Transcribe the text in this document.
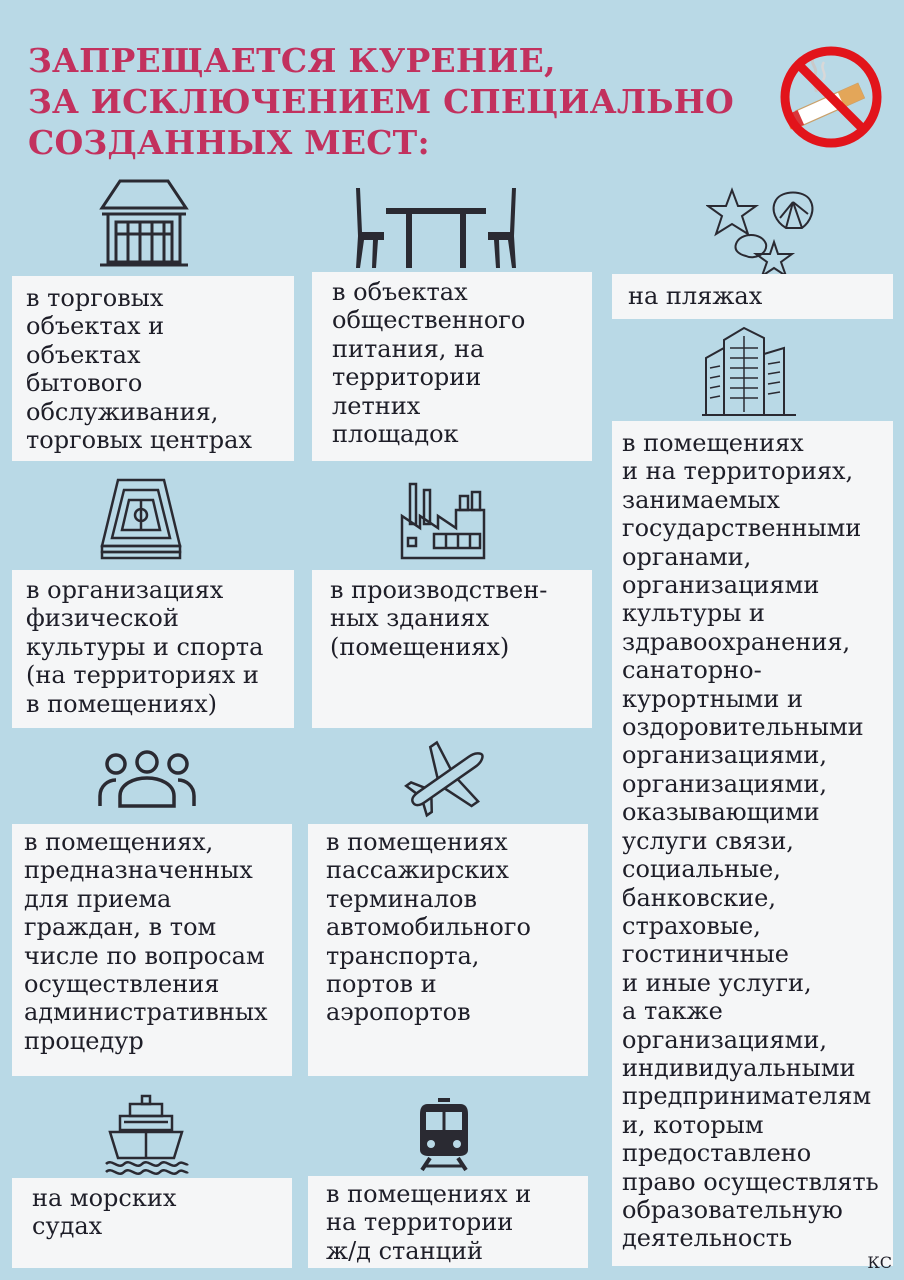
ЗАПРЕЩАЕТСЯ КУРЕНИЕ,
ЗА ИСКЛЮЧЕНИЕМ СПЕЦИАЛЬНО
СОЗДАННЫХ МЕСТ:
в торговых
объектах и
объектах
бытового
обслуживания,
торговых центрах
в объектах
общественного
питания, на
территории
летних
площадок
на пляжах
в помещениях
и на территориях,
занимаемых
государственными
органами,
организациями
культуры и
здравоохранения,
санаторно-
курортными и
оздоровительными
организациями,
организациями,
оказывающими
услуги связи,
социальные,
банковские,
страховые,
гостиничные
и иные услуги,
а также
организациями,
индивидуальными
предпринимателям
и, которым
предоставлено
право осуществлять
образовательную
деятельность
в организациях
физической
культуры и спорта
(на территориях и
в помещениях)
в производствен-
ных зданиях
(помещениях)
в помещениях,
предназначенных
для приема
граждан, в том
числе по вопросам
осуществления
административных
процедур
в помещениях
пассажирских
терминалов
автомобильного
транспорта,
портов и
аэропортов
на морских
судах
в помещениях и
на территории
ж/д станций	КС
